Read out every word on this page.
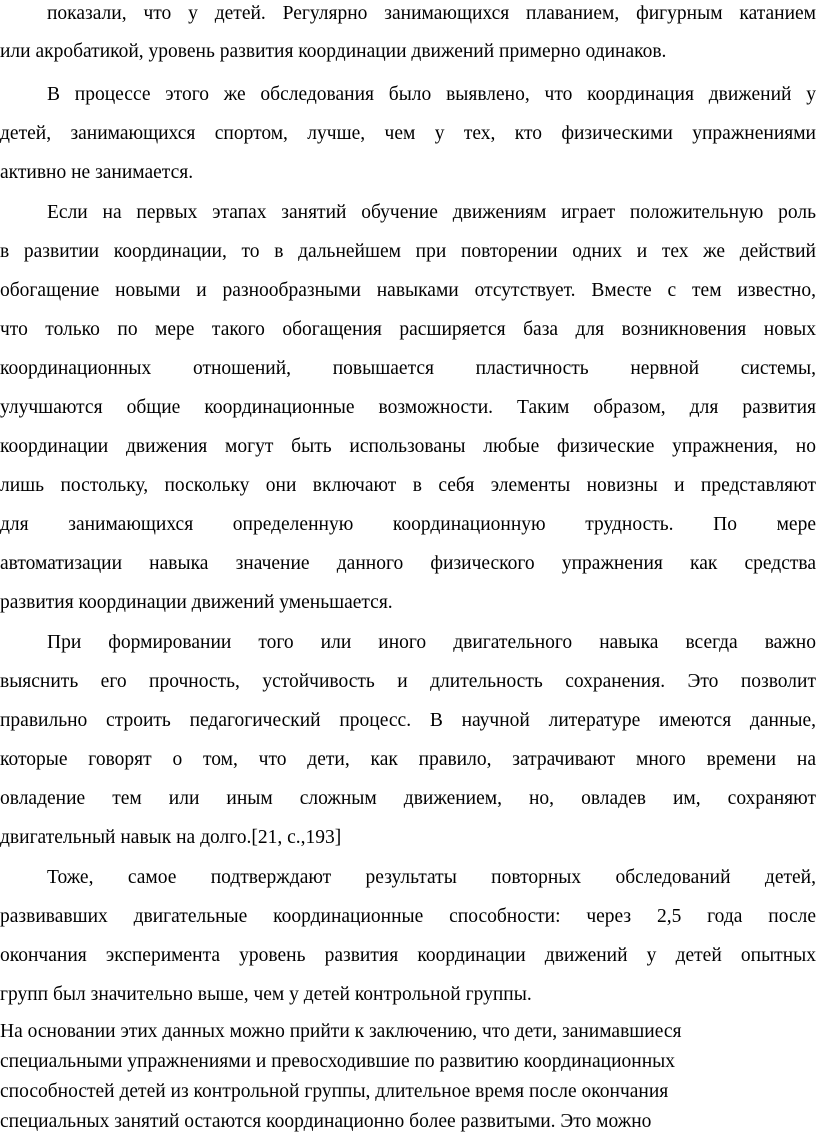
показали, что у детей. Регулярно занимающихся плаванием, фигурным катанием
или акробатикой, уровень развития координации движений примерно одинаков.
В процессе этого же обследования было выявлено, что координация движений у
детей, занимающихся спортом, лучше, чем у тех, кто физическими упражнениями
активно не занимается.
Если на первых этапах занятий обучение движениям играет положительную роль
в развитии координации, то в дальнейшем при повторении одних и тех же действий
обогащение новыми и разнообразными навыками отсутствует. Вместе с тем известно,
что только по мере такого обогащения расширяется база для возникновения новых
координационных отношений, повышается пластичность нервной системы,
улучшаются общие координационные возможности. Таким образом, для развития
координации движения могут быть использованы любые физические упражнения, но
лишь постольку, поскольку они включают в себя элементы новизны и представляют
для занимающихся определенную координационную трудность. По мере
автоматизации навыка значение данного физического упражнения как средства
развития координации движений уменьшается.
При формировании того или иного двигательного навыка всегда важно
выяснить его прочность, устойчивость и длительность сохранения. Это позволит
правильно строить педагогический процесс. В научной литературе имеются данные,
которые говорят о том, что дети, как правило, затрачивают много времени на
овладение тем или иным сложным движением, но, овладев им, сохраняют
двигательный навык на долго.[21, с.,193]
Тоже, самое подтверждают результаты повторных обследований детей,
развивавших двигательные координационные способности: через 2,5 года после
окончания эксперимента уровень развития координации движений у детей опытных
групп был значительно выше, чем у детей контрольной группы.
На основании этих данных можно прийти к заключению, что дети, занимавшиеся
специальными упражнениями и превосходившие по развитию координационных
способностей детей из контрольной группы, длительное время после окончания
специальных занятий остаются координационно более развитыми. Это можно
